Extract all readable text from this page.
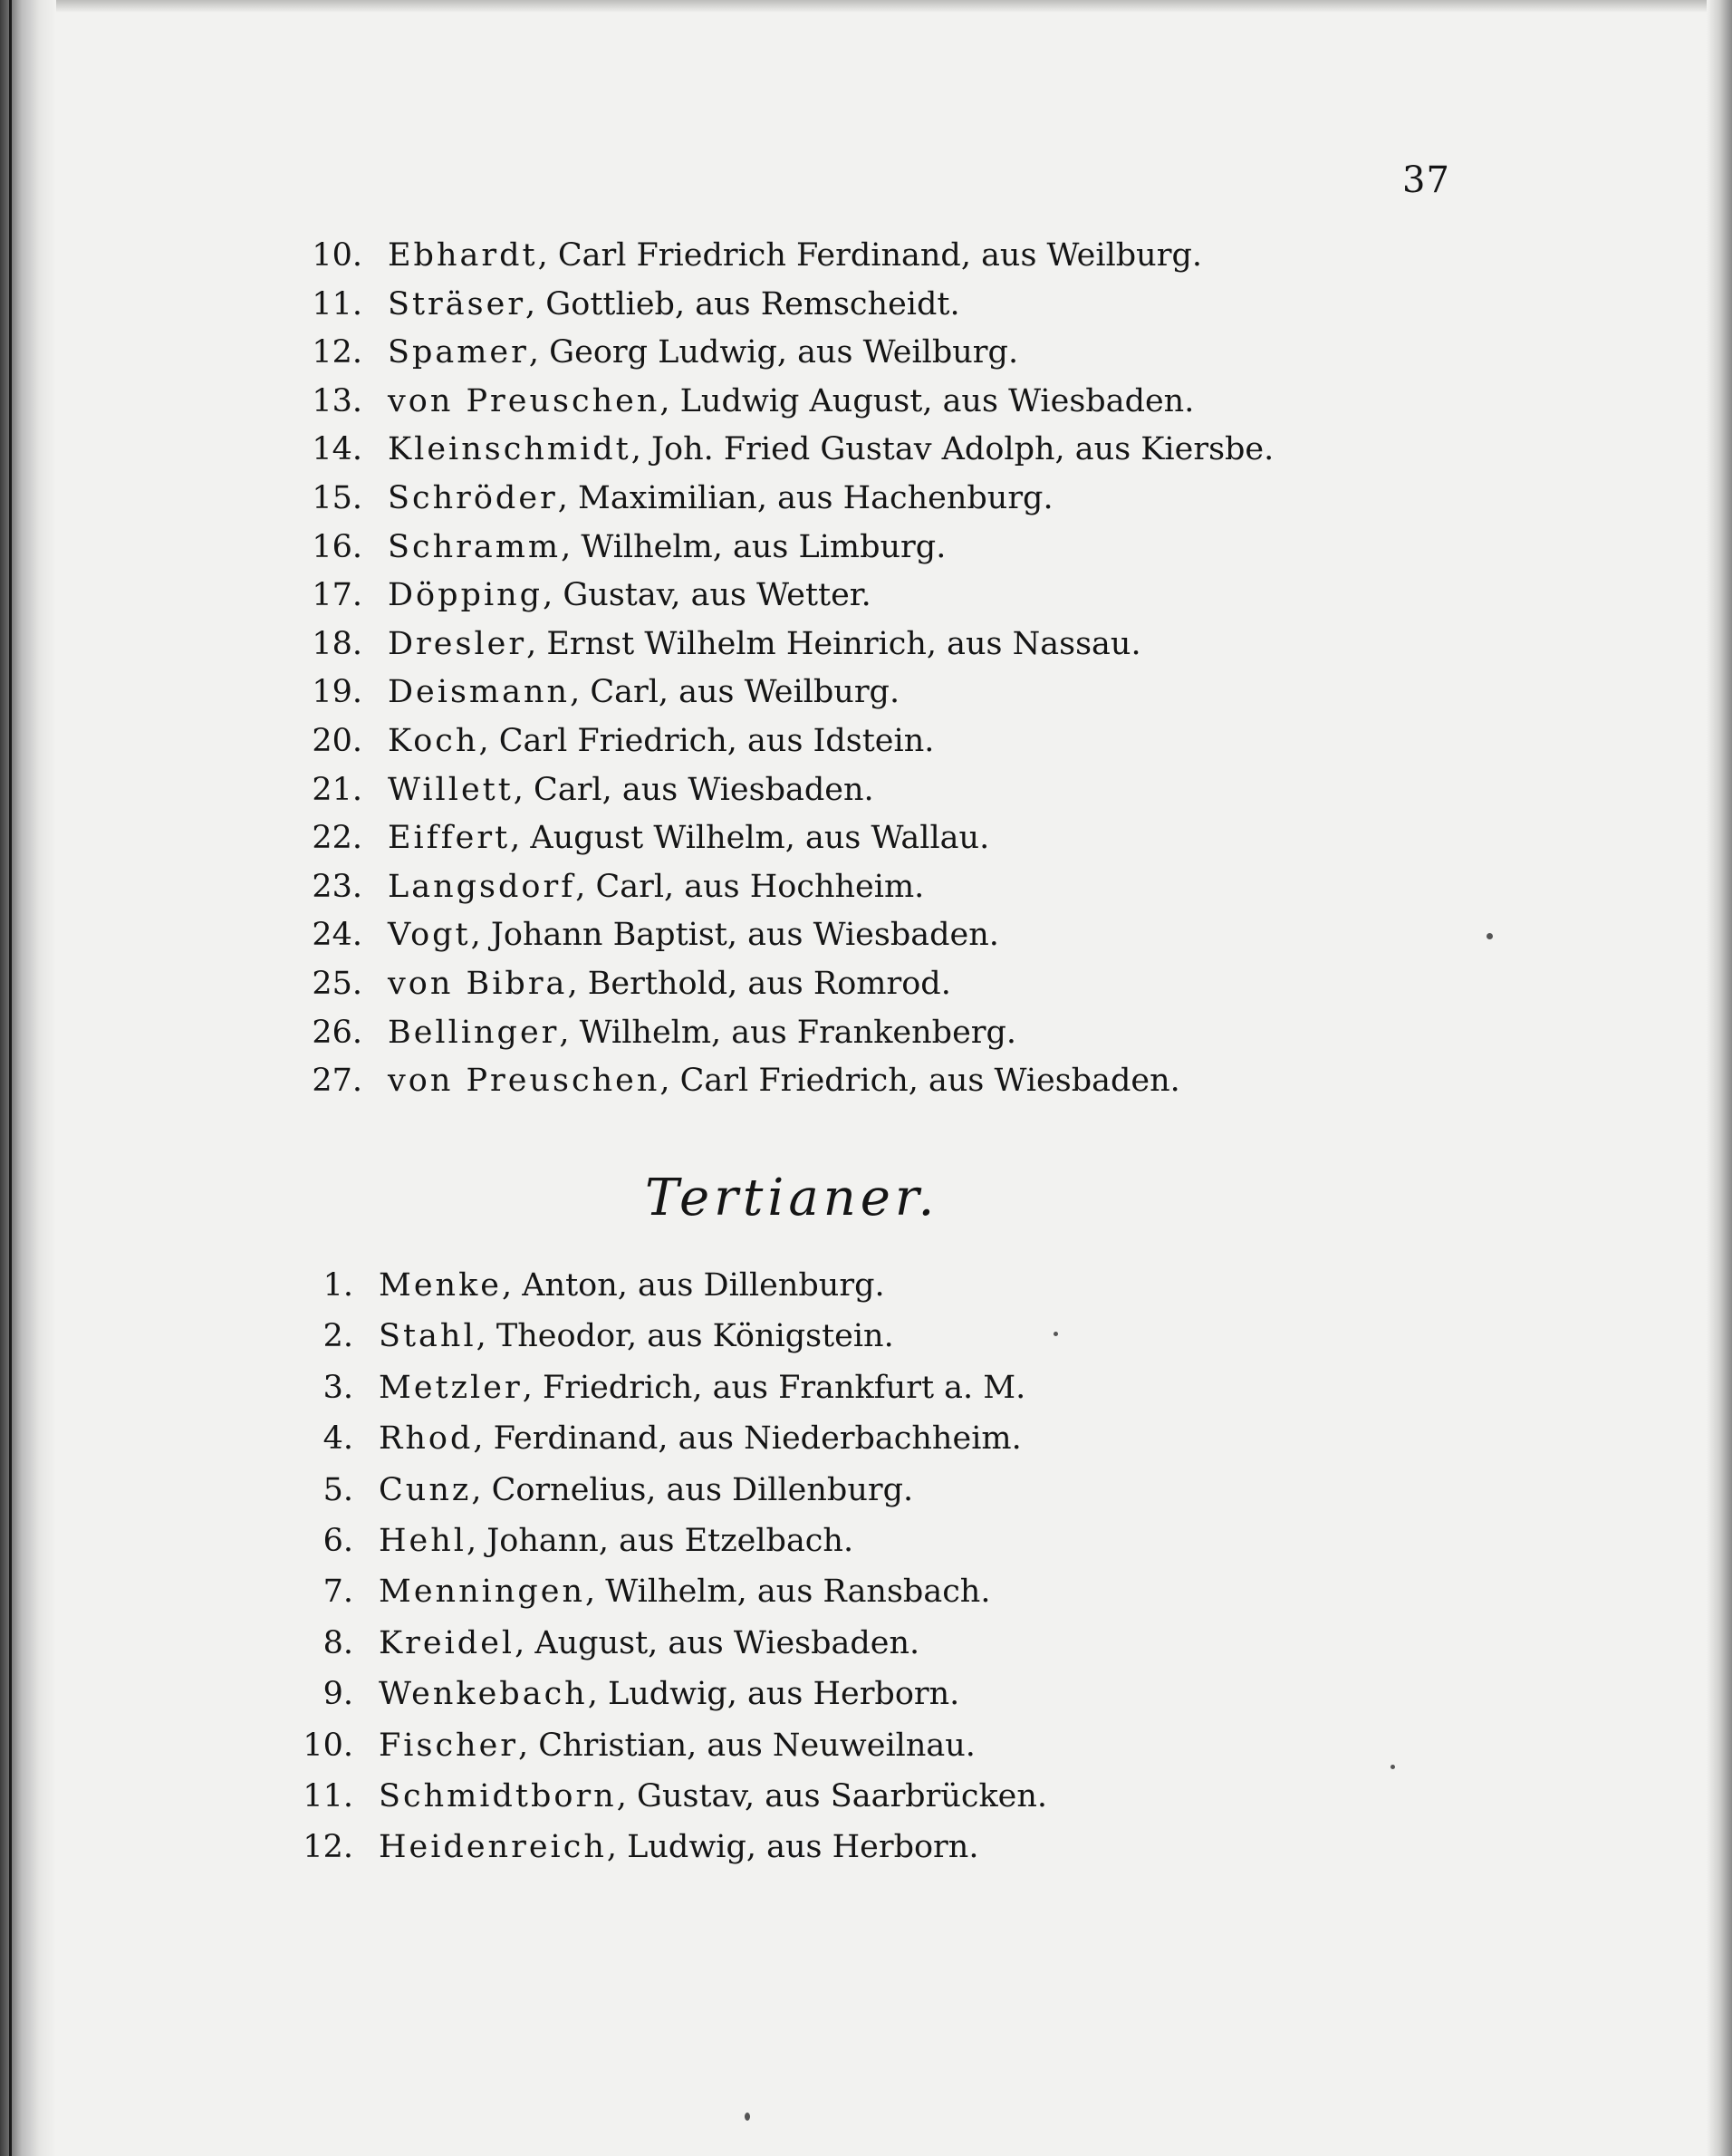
37
10. Ebhardt, Carl Friedrich Ferdinand, aus Weilburg.
11. Sträser, Gottlieb, aus Remscheidt.
12. Spamer, Georg Ludwig, aus Weilburg.
13. von Preuschen, Ludwig August, aus Wiesbaden.
14. Kleinschmidt, Joh. Fried Gustav Adolph, aus Kiersbe.
15. Schröder, Maximilian, aus Hachenburg.
16. Schramm, Wilhelm, aus Limburg.
17. Döpping, Gustav, aus Wetter.
18. Dresler, Ernst Wilhelm Heinrich, aus Nassau.
19. Deismann, Carl, aus Weilburg.
20. Koch, Carl Friedrich, aus Idstein.
21. Willett, Carl, aus Wiesbaden.
22. Eiffert, August Wilhelm, aus Wallau.
23. Langsdorf, Carl, aus Hochheim.
24. Vogt, Johann Baptist, aus Wiesbaden.
25. von Bibra, Berthold, aus Romrod.
26. Bellinger, Wilhelm, aus Frankenberg.
27. von Preuschen, Carl Friedrich, aus Wiesbaden.
Tertianer.
1. Menke, Anton, aus Dillenburg.
2. Stahl, Theodor, aus Königstein.
3. Metzler, Friedrich, aus Frankfurt a. M.
4. Rhod, Ferdinand, aus Niederbachheim.
5. Cunz, Cornelius, aus Dillenburg.
6. Hehl, Johann, aus Etzelbach.
7. Menningen, Wilhelm, aus Ransbach.
8. Kreidel, August, aus Wiesbaden.
9. Wenkebach, Ludwig, aus Herborn.
10. Fischer, Christian, aus Neuweilnau.
11. Schmidtborn, Gustav, aus Saarbrücken.
12. Heidenreich, Ludwig, aus Herborn.
